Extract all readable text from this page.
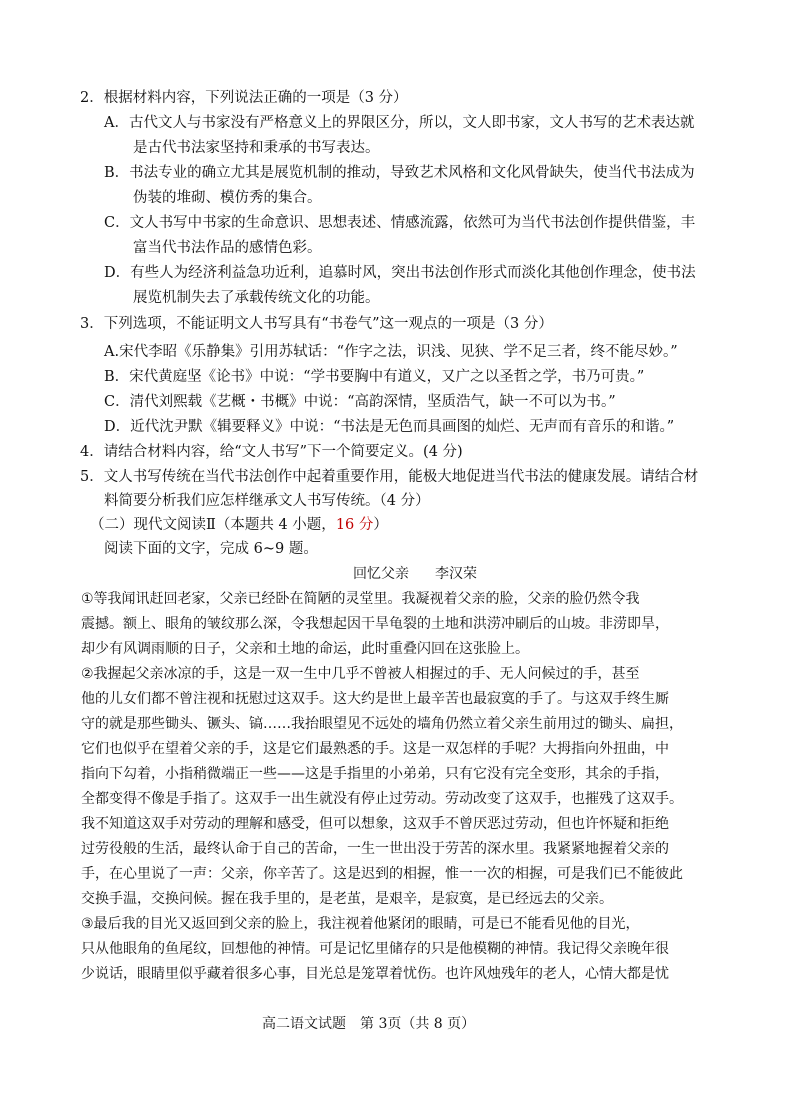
2．根据材料内容，下列说法正确的一项是（3 分）
A．古代文人与书家没有严格意义上的界限区分，所以，文人即书家，文人书写的艺术表达就
是古代书法家坚持和秉承的书写表达。
B．书法专业的确立尤其是展览机制的推动，导致艺术风格和文化风骨缺失，使当代书法成为
伪装的堆砌、模仿秀的集合。
C．文人书写中书家的生命意识、思想表述、情感流露，依然可为当代书法创作提供借鉴，丰
富当代书法作品的感情色彩。
D．有些人为经济利益急功近利，追慕时风，突出书法创作形式而淡化其他创作理念，使书法
展览机制失去了承载传统文化的功能。
3．下列选项，不能证明文人书写具有“书卷气”这一观点的一项是（3 分）
A.宋代李昭《乐静集》引用苏轼话：“作字之法，识浅、见狭、学不足三者，终不能尽妙。”
B．宋代黄庭坚《论书》中说：“学书要胸中有道义，又广之以圣哲之学，书乃可贵。”
C．清代刘熙载《艺概・书概》中说：“高韵深情，坚质浩气，缺一不可以为书。”
D．近代沈尹默《辑要释义》中说：“书法是无色而具画图的灿烂、无声而有音乐的和谐。”
4．请结合材料内容，给“文人书写”下一个简要定义。(4 分)
5．文人书写传统在当代书法创作中起着重要作用，能极大地促进当代书法的健康发展。请结合材
料简要分析我们应怎样继承文人书写传统。（4 分）
（二）现代文阅读Ⅱ（本题共 4 小题，16 分）
阅读下面的文字，完成 6~9 题。
回忆父亲 李汉荣
①等我闻讯赶回老家，父亲已经卧在简陋的灵堂里。我凝视着父亲的脸，父亲的脸仍然令我
震撼。额上、眼角的皱纹那么深，令我想起因干旱龟裂的土地和洪涝冲刷后的山坡。非涝即旱，
却少有风调雨顺的日子，父亲和土地的命运，此时重叠闪回在这张脸上。
②我握起父亲冰凉的手，这是一双一生中几乎不曾被人相握过的手、无人问候过的手，甚至
他的儿女们都不曾注视和抚慰过这双手。这大约是世上最辛苦也最寂寞的手了。与这双手终生厮
守的就是那些锄头、镢头、镐……我抬眼望见不远处的墙角仍然立着父亲生前用过的锄头、扁担，
它们也似乎在望着父亲的手，这是它们最熟悉的手。这是一双怎样的手呢？大拇指向外扭曲，中
指向下勾着，小指稍微端正一些——这是手指里的小弟弟，只有它没有完全变形，其余的手指，
全都变得不像是手指了。这双手一出生就没有停止过劳动。劳动改变了这双手，也摧残了这双手。
我不知道这双手对劳动的理解和感受，但可以想象，这双手不曾厌恶过劳动，但也许怀疑和拒绝
过劳役般的生活，最终认命于自己的苦命，一生一世出没于劳苦的深水里。我紧紧地握着父亲的
手，在心里说了一声：父亲，你辛苦了。这是迟到的相握，惟一一次的相握，可是我们已不能彼此
交换手温，交换问候。握在我手里的，是老茧，是艰辛，是寂寞，是已经远去的父亲。
③最后我的目光又返回到父亲的脸上，我注视着他紧闭的眼睛，可是已不能看见他的目光，
只从他眼角的鱼尾纹，回想他的神情。可是记忆里储存的只是他模糊的神情。我记得父亲晚年很
少说话，眼睛里似乎藏着很多心事，目光总是笼罩着忧伤。也许风烛残年的老人，心情大都是忧
高二语文试题　第 3页（共 8 页）
